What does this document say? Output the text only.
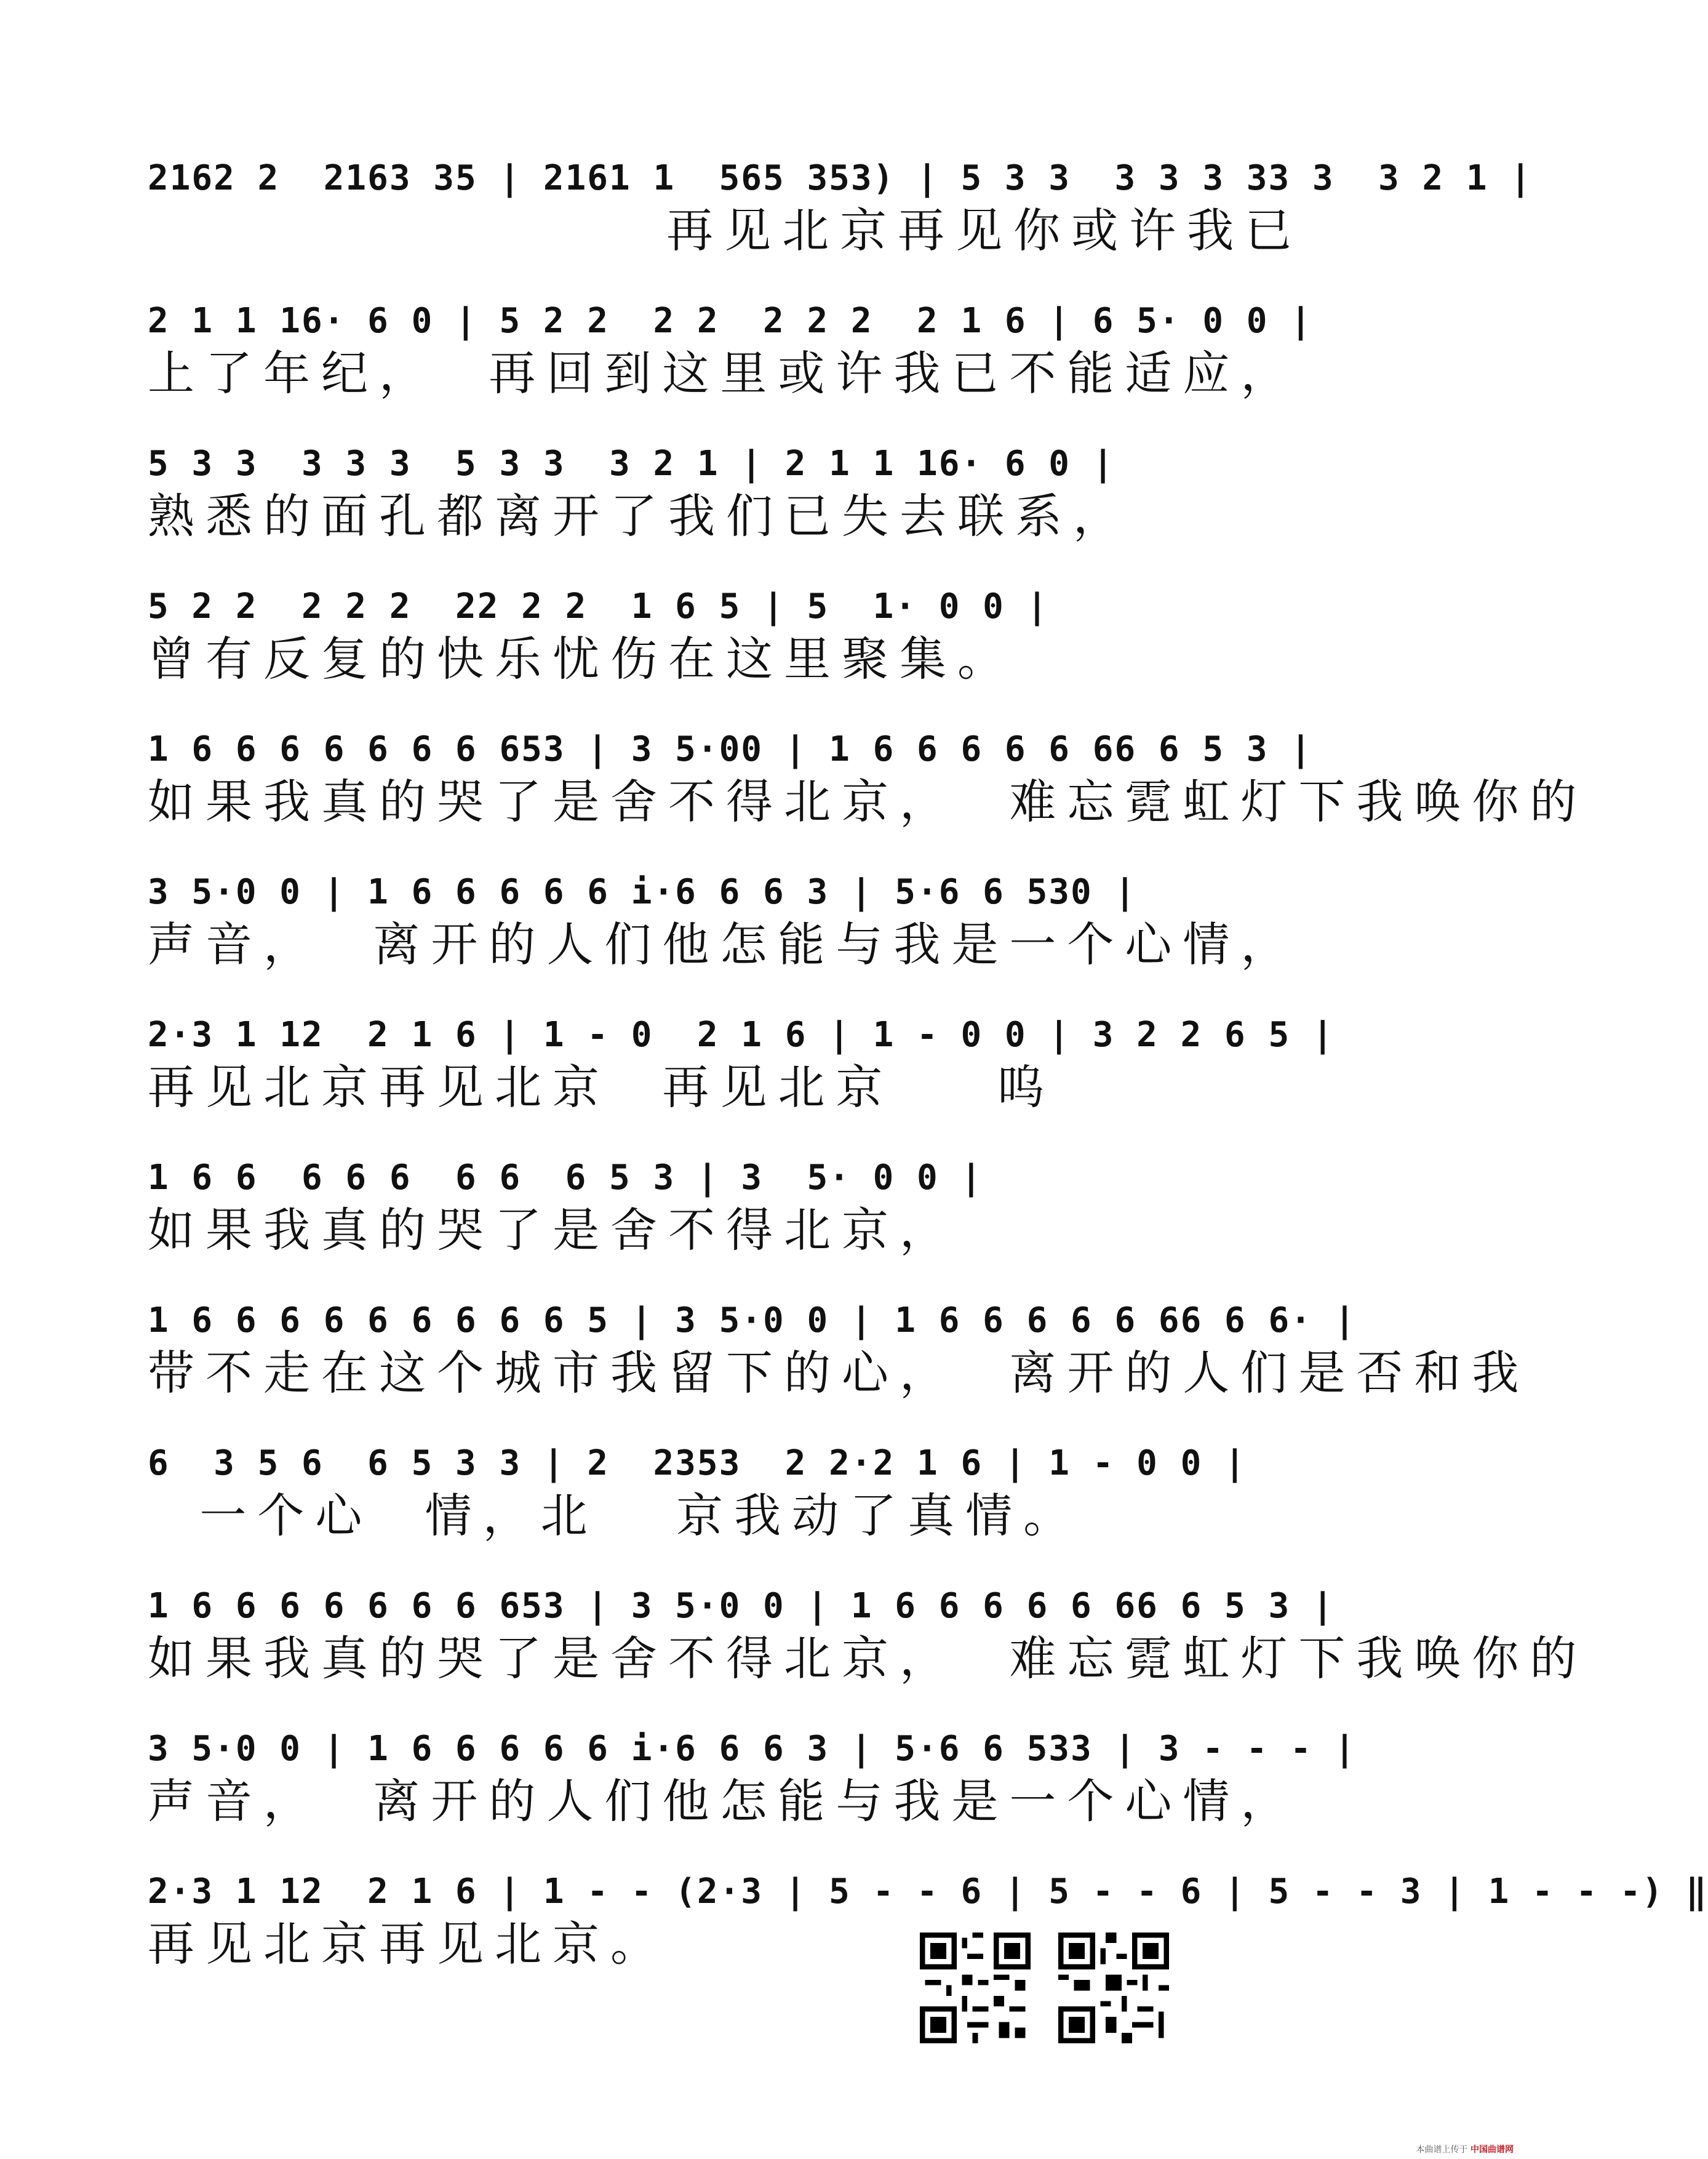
2162 2  2163 35 | 2161 1  565 353) | 5 3 3  3 3 3 33 3  3 2 1 |
再见北京再见你或许我已
2 1 1 16· 6 0 | 5 2 2  2 2  2 2 2  2 1 6 | 6 5· 0 0 |
上了年纪，  再回到这里或许我已不能适应，
5 3 3  3 3 3  5 3 3  3 2 1 | 2 1 1 16· 6 0 |
熟悉的面孔都离开了我们已失去联系，
5 2 2  2 2 2  22 2 2  1 6 5 | 5  1· 0 0 |
曾有反复的快乐忧伤在这里聚集。
1 6 6 6 6 6 6 6 653 | 3 5·00 | 1 6 6 6 6 6 66 6 5 3 |
如果我真的哭了是舍不得北京，  难忘霓虹灯下我唤你的
3 5·0 0 | 1 6 6 6 6 6 i·6 6 6 3 | 5·6 6 530 |
声音，  离开的人们他怎能与我是一个心情，
2·3 1 12  2 1 6 | 1 - 0  2 1 6 | 1 - 0 0 | 3 2 2 6 5 |
再见北京再见北京  再见北京    呜
1 6 6  6 6 6  6 6  6 5 3 | 3  5· 0 0 |
如果我真的哭了是舍不得北京，
1 6 6 6 6 6 6 6 6 6 5 | 3 5·0 0 | 1 6 6 6 6 6 66 6 6· |
带不走在这个城市我留下的心，  离开的人们是否和我
6  3 5 6  6 5 3 3 | 2  2353  2 2·2 1 6 | 1 - 0 0 |
一个心  情，北   京我动了真情。
1 6 6 6 6 6 6 6 653 | 3 5·0 0 | 1 6 6 6 6 6 66 6 5 3 |
如果我真的哭了是舍不得北京，  难忘霓虹灯下我唤你的
3 5·0 0 | 1 6 6 6 6 6 i·6 6 6 3 | 5·6 6 533 | 3 - - - |
声音，  离开的人们他怎能与我是一个心情，
2·3 1 12  2 1 6 | 1 - - (2·3 | 5 - - 6 | 5 - - 6 | 5 - - 3 | 1 - - -) ‖
再见北京再见北京。
本曲谱上传于 中国曲谱网
